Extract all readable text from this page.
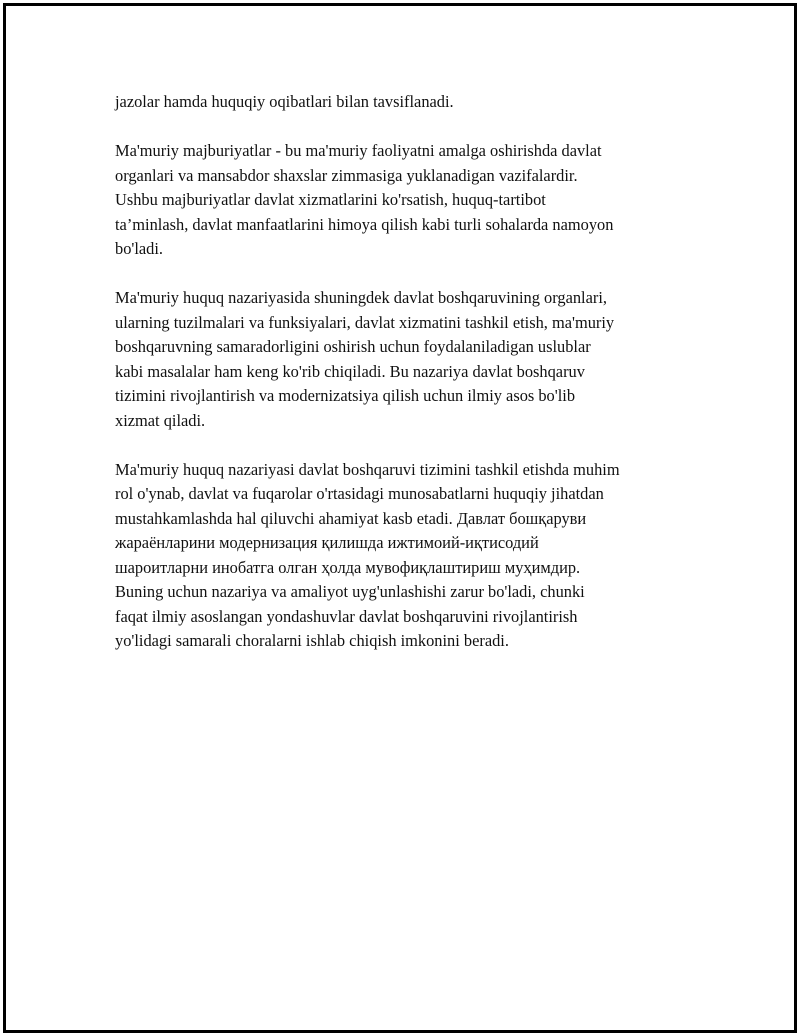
jazolar hamda huquqiy oqibatlari bilan tavsiflanadi.

Ma'muriy majburiyatlar - bu ma'muriy faoliyatni amalga oshirishda davlat
organlari va mansabdor shaxslar zimmasiga yuklanadigan vazifalardir.
Ushbu majburiyatlar davlat xizmatlarini ko'rsatish, huquq-tartibot
ta’minlash, davlat manfaatlarini himoya qilish kabi turli sohalarda namoyon
bo'ladi.

Ma'muriy huquq nazariyasida shuningdek davlat boshqaruvining organlari,
ularning tuzilmalari va funksiyalari, davlat xizmatini tashkil etish, ma'muriy
boshqaruvning samaradorligini oshirish uchun foydalaniladigan uslublar
kabi masalalar ham keng ko'rib chiqiladi. Bu nazariya davlat boshqaruv
tizimini rivojlantirish va modernizatsiya qilish uchun ilmiy asos bo'lib
xizmat qiladi.

Ma'muriy huquq nazariyasi davlat boshqaruvi tizimini tashkil etishda muhim
rol o'ynab, davlat va fuqarolar o'rtasidagi munosabatlarni huquqiy jihatdan
mustahkamlashda hal qiluvchi ahamiyat kasb etadi. Давлат бошқаруви
жараёнларини модернизация қилишда ижтимоий-иқтисодий
шароитларни инобатга олган ҳолда мувофиқлаштириш муҳимдир.
Buning uchun nazariya va amaliyot uyg'unlashishi zarur bo'ladi, chunki
faqat ilmiy asoslangan yondashuvlar davlat boshqaruvini rivojlantirish
yo'lidagi samarali choralarni ishlab chiqish imkonini beradi.
